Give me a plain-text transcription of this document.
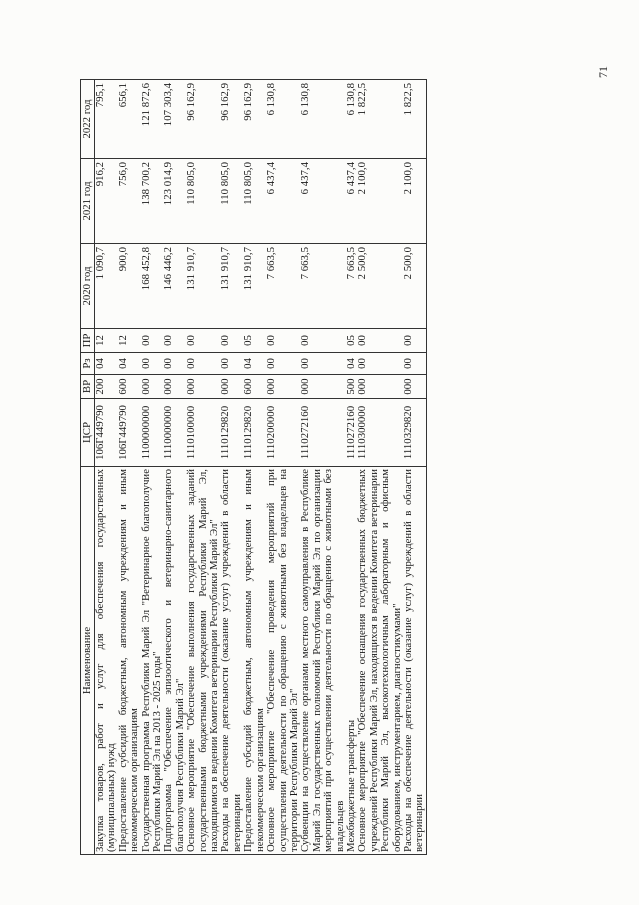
71
Наименование	ЦСР	ВР	Рз	ПР	2020 год	2021 год	2022 год
Закупка товаров, работ и услуг для обеспечения государственных (муниципальных) нужд	106Г449790	200	04	12	1 090,7	916,2	795,1
Предоставление субсидий бюджетным, автономным учреждениям и иным некоммерческим организациям	106Г449790	600	04	12	900,0	756,0	656,1
Государственная программа Республики Марий Эл "Ветеринарное благополучие Республики Марий Эл на 2013 - 2025 годы"	1100000000	000	00	00	168 452,8	138 700,2	121 872,6
Подпрограмма "Обеспечение эпизоотического и ветеринарно-санитарного благополучия Республики Марий Эл"	1110000000	000	00	00	146 446,2	123 014,9	107 303,4
Основное мероприятие "Обеспечение выполнения государственных заданий государственными бюджетными учреждениями Республики Марий Эл, находящимися в ведении Комитета ветеринарии Республики Марий Эл"	1110100000	000	00	00	131 910,7	110 805,0	96 162,9
Расходы на обеспечение деятельности (оказание услуг) учреждений в области ветеринарии	1110129820	000	00	00	131 910,7	110 805,0	96 162,9
Предоставление субсидий бюджетным, автономным учреждениям и иным некоммерческим организациям	1110129820	600	04	05	131 910,7	110 805,0	96 162,9
Основное мероприятие "Обеспечение проведения мероприятий при осуществлении деятельности по обращению с животными без владельцев на территории Республики Марий Эл"	1110200000	000	00	00	7 663,5	6 437,4	6 130,8
Субвенции на осуществление органами местного самоуправления в Республике Марий Эл государственных полномочий Республики Марий Эл по организации мероприятий при осуществлении деятельности по обращению с животными без владельцев	1110272160	000	00	00	7 663,5	6 437,4	6 130,8
Межбюджетные трансферты	1110272160	500	04	05	7 663,5	6 437,4	6 130,8
Основное мероприятие "Обеспечение оснащения государственных бюджетных учреждений Республики Марий Эл, находящихся в ведении Комитета ветеринарии Республики Марий Эл, высокотехнологичным лабораторным и офисным оборудованием, инструментарием, диагностикумами"	1110300000	000	00	00	2 500,0	2 100,0	1 822,5
Расходы на обеспечение деятельности (оказание услуг) учреждений в области ветеринарии	1110329820	000	00	00	2 500,0	2 100,0	1 822,5
